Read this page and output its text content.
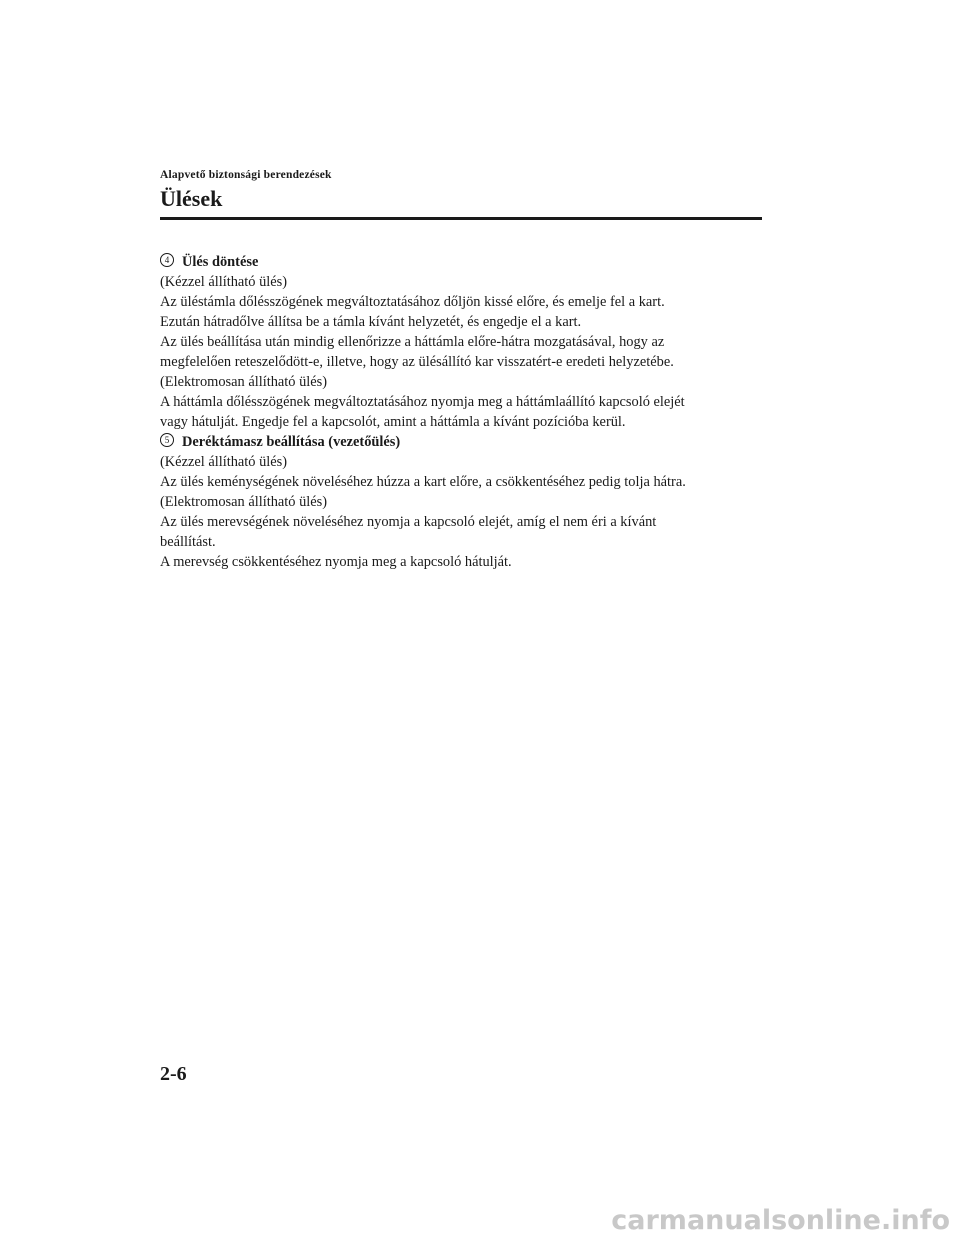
Alapvető biztonsági berendezések
Ülések
4 Ülés döntése
(Kézzel állítható ülés)
Az üléstámla dőlésszögének megváltoztatásához dőljön kissé előre, és emelje fel a kart.
Ezután hátradőlve állítsa be a támla kívánt helyzetét, és engedje el a kart.
Az ülés beállítása után mindig ellenőrizze a háttámla előre-hátra mozgatásával, hogy az
megfelelően reteszelődött-e, illetve, hogy az ülésállító kar visszatért-e eredeti helyzetébe.
(Elektromosan állítható ülés)
A háttámla dőlésszögének megváltoztatásához nyomja meg a háttámlaállító kapcsoló elejét
vagy hátulját. Engedje fel a kapcsolót, amint a háttámla a kívánt pozícióba kerül.
5 Deréktámasz beállítása (vezetőülés)
(Kézzel állítható ülés)
Az ülés keménységének növeléséhez húzza a kart előre, a csökkentéséhez pedig tolja hátra.
(Elektromosan állítható ülés)
Az ülés merevségének növeléséhez nyomja a kapcsoló elejét, amíg el nem éri a kívánt
beállítást.
A merevség csökkentéséhez nyomja meg a kapcsoló hátulját.
2-6
carmanualsonline.info
